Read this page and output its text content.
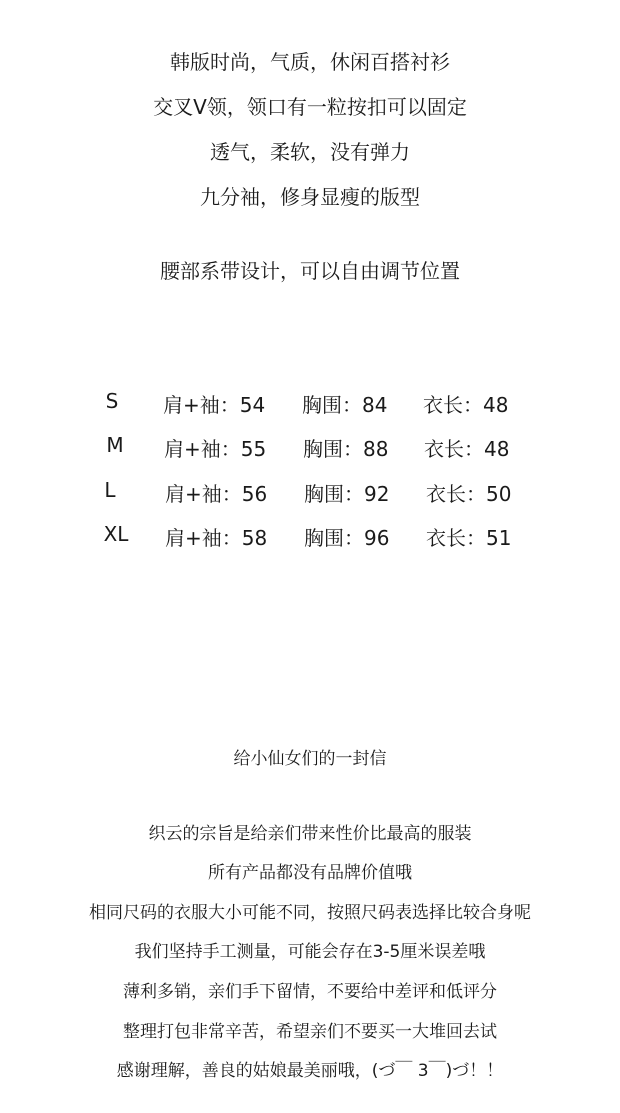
韩版时尚，气质，休闲百搭衬衫
交叉V领，领口有一粒按扣可以固定
透气，柔软，没有弹力
九分袖，修身显瘦的版型
腰部系带设计，可以自由调节位置
S	肩+袖：54 胸围：84 衣长：48
M	肩+袖：55 胸围：88 衣长：48
L	肩+袖：56 胸围：92 衣长：50
XL	肩+袖：58 胸围：96 衣长：51
给小仙女们的一封信
织云的宗旨是给亲们带来性价比最高的服装
所有产品都没有品牌价值哦
相同尺码的衣服大小可能不同，按照尺码表选择比较合身呢
我们坚持手工测量，可能会存在3-5厘米误差哦
薄利多销，亲们手下留情，不要给中差评和低评分
整理打包非常辛苦，希望亲们不要买一大堆回去试
感谢理解，善良的姑娘最美丽哦，(づ￣ 3￣)づ！！
